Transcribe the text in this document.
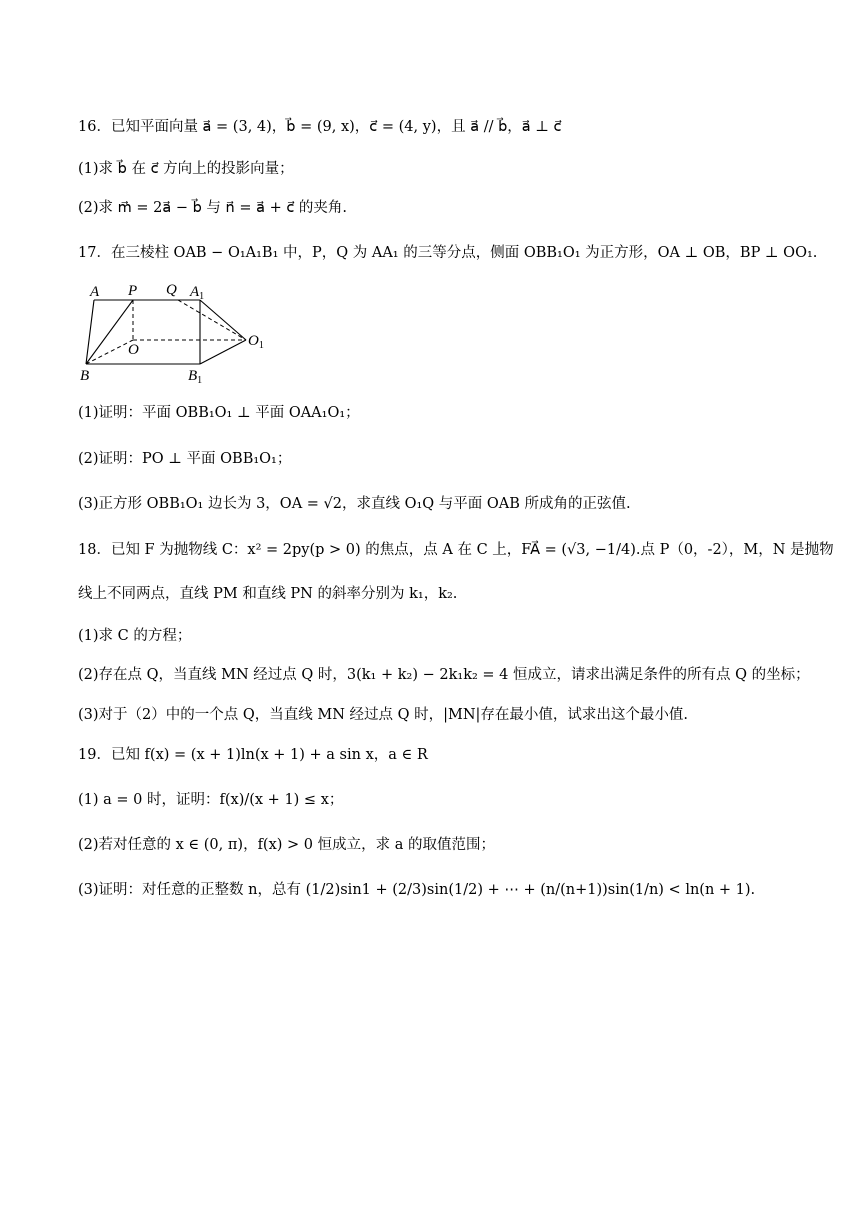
16．已知平面向量 a⃗ = (3, 4)，b⃗ = (9, x)，c⃗ = (4, y)，且 a⃗ // b⃗，a⃗ ⊥ c⃗
(1)求 b⃗ 在 c⃗ 方向上的投影向量；
(2)求 m⃗ = 2a⃗ − b⃗ 与 n⃗ = a⃗ + c⃗ 的夹角.
17．在三棱柱 OAB − O₁A₁B₁ 中，P，Q 为 AA₁ 的三等分点，侧面 OBB₁O₁ 为正方形，OA ⊥ OB，BP ⊥ OO₁.
A P Q $A_1$
O
$O_1$
B	$B_1$
(1)证明：平面 OBB₁O₁ ⊥ 平面 OAA₁O₁；
(2)证明：PO ⊥ 平面 OBB₁O₁；
(3)正方形 OBB₁O₁ 边长为 3，OA = √2，求直线 O₁Q 与平面 OAB 所成角的正弦值.
18．已知 F 为抛物线 C：x² = 2py(p > 0) 的焦点，点 A 在 C 上，FA⃗ = (√3, −1/4).点 P（0，-2），M，N 是抛物
线上不同两点，直线 PM 和直线 PN 的斜率分别为 k₁，k₂.
(1)求 C 的方程；
(2)存在点 Q，当直线 MN 经过点 Q 时，3(k₁ + k₂) − 2k₁k₂ = 4 恒成立，请求出满足条件的所有点 Q 的坐标；
(3)对于（2）中的一个点 Q，当直线 MN 经过点 Q 时，|MN|存在最小值，试求出这个最小值.
19．已知 f(x) = (x + 1)ln(x + 1) + a sin x，a ∈ R
(1) a = 0 时，证明：f(x)/(x + 1) ≤ x；
(2)若对任意的 x ∈ (0, π)，f(x) > 0 恒成立，求 a 的取值范围；
(3)证明：对任意的正整数 n，总有 (1/2)sin1 + (2/3)sin(1/2) + ⋯ + (n/(n+1))sin(1/n) < ln(n + 1).
